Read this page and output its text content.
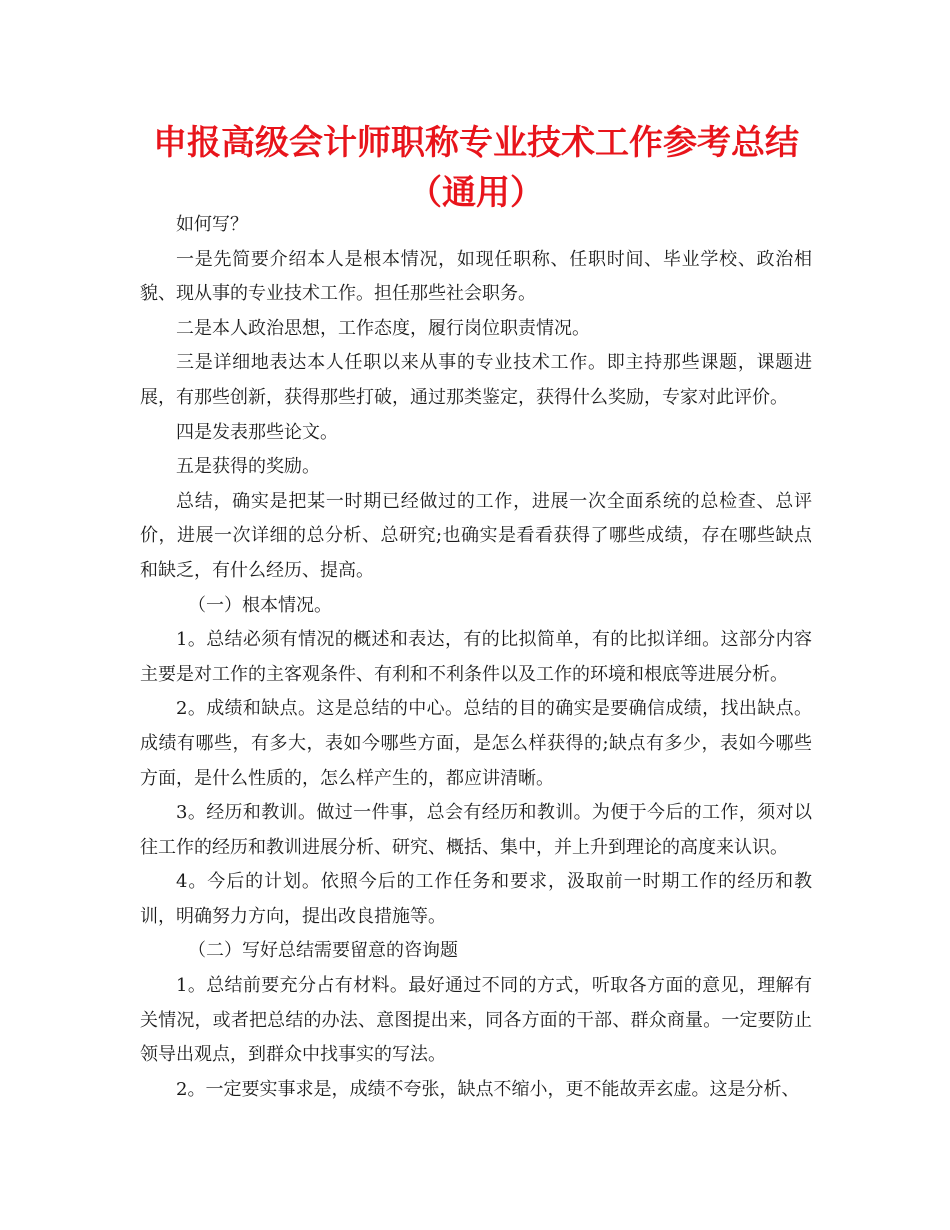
申报高级会计师职称专业技术工作参考总结（通用）

如何写？

一是先简要介绍本人是根本情况，如现任职称、任职时间、毕业学校、政治相貌、现从事的专业技术工作。担任那些社会职务。

二是本人政治思想，工作态度，履行岗位职责情况。

三是详细地表达本人任职以来从事的专业技术工作。即主持那些课题，课题进展，有那些创新，获得那些打破，通过那类鉴定，获得什么奖励，专家对此评价。

四是发表那些论文。

五是获得的奖励。

总结，确实是把某一时期已经做过的工作，进展一次全面系统的总检查、总评价，进展一次详细的总分析、总研究;也确实是看看获得了哪些成绩，存在哪些缺点和缺乏，有什么经历、提高。

（一）根本情况。

1。总结必须有情况的概述和表达，有的比拟简单，有的比拟详细。这部分内容主要是对工作的主客观条件、有利和不利条件以及工作的环境和根底等进展分析。

2。成绩和缺点。这是总结的中心。总结的目的确实是要确信成绩，找出缺点。成绩有哪些，有多大，表如今哪些方面，是怎么样获得的;缺点有多少，表如今哪些方面，是什么性质的，怎么样产生的，都应讲清晰。

3。经历和教训。做过一件事，总会有经历和教训。为便于今后的工作，须对以往工作的经历和教训进展分析、研究、概括、集中，并上升到理论的高度来认识。

4。今后的计划。依照今后的工作任务和要求，汲取前一时期工作的经历和教训，明确努力方向，提出改良措施等。

（二）写好总结需要留意的咨询题

1。总结前要充分占有材料。最好通过不同的方式，听取各方面的意见，理解有关情况，或者把总结的办法、意图提出来，同各方面的干部、群众商量。一定要防止领导出观点，到群众中找事实的写法。

2。一定要实事求是，成绩不夸张，缺点不缩小，更不能故弄玄虚。这是分析、
